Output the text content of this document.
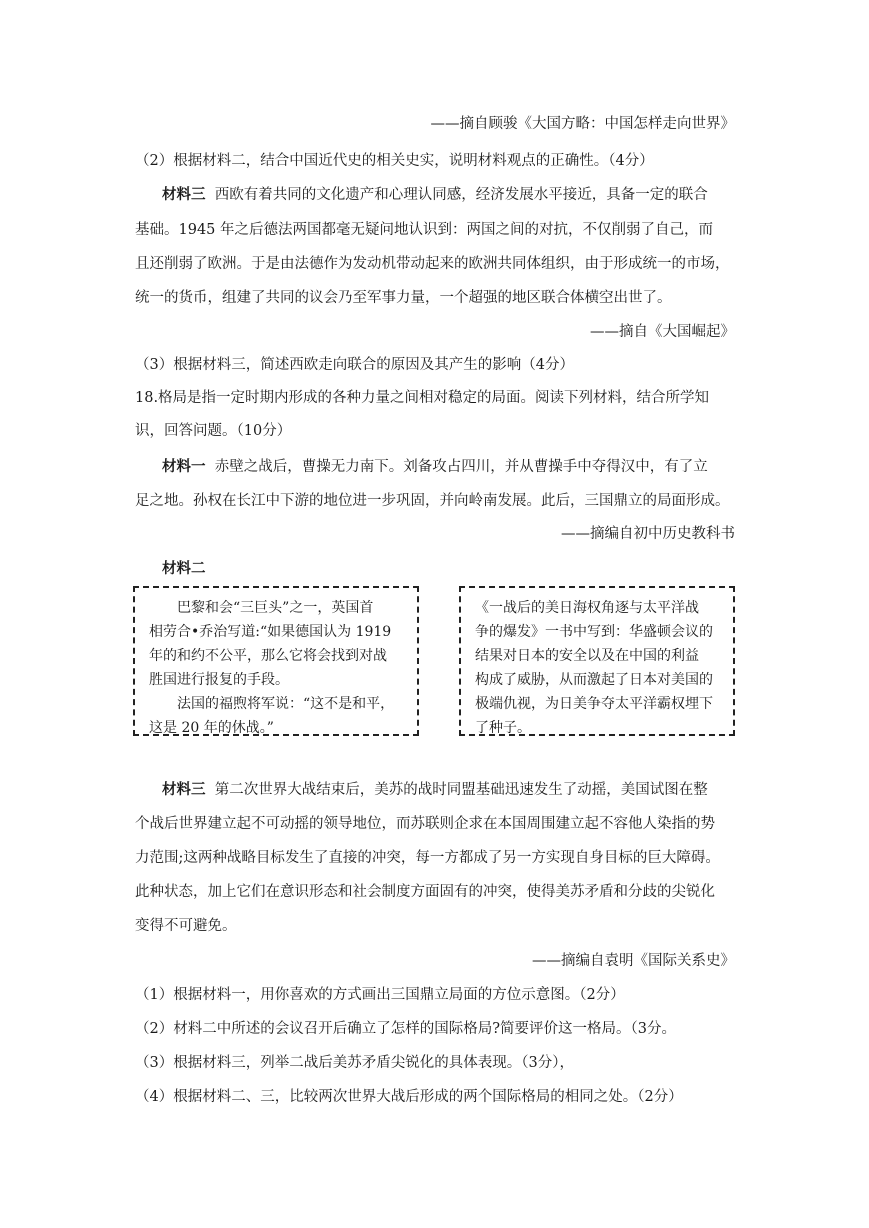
——摘自顾骏《大国方略：中国怎样走向世界》
（2）根据材料二，结合中国近代史的相关史实，说明材料观点的正确性。（4分）
材料三 西欧有着共同的文化遗产和心理认同感，经济发展水平接近，具备一定的联合
基础。1945 年之后德法两国都毫无疑问地认识到：两国之间的对抗，不仅削弱了自己，而
且还削弱了欧洲。于是由法德作为发动机带动起来的欧洲共同体组织，由于形成统一的市场，
统一的货币，组建了共同的议会乃至军事力量，一个超强的地区联合体横空出世了。
——摘自《大国崛起》
（3）根据材料三，简述西欧走向联合的原因及其产生的影响（4分）
18.格局是指一定时期内形成的各种力量之间相对稳定的局面。阅读下列材料，结合所学知
识，回答问题。（10分）
材料一 赤壁之战后，曹操无力南下。刘备攻占四川，并从曹操手中夺得汉中，有了立
足之地。孙权在长江中下游的地位进一步巩固，并向岭南发展。此后，三国鼎立的局面形成。
——摘编自初中历史教科书
材料二
巴黎和会“三巨头”之一，英国首
相劳合•乔治写道:“如果德国认为 1919
年的和约不公平，那么它将会找到对战
胜国进行报复的手段。
法国的福煦将军说：“这不是和平，
这是 20 年的休战。”
《一战后的美日海权角逐与太平洋战
争的爆发》一书中写到：华盛顿会议的
结果对日本的安全以及在中国的利益
构成了威胁，从而激起了日本对美国的
极端仇视，为日美争夺太平洋霸权埋下
了种子。
材料三 第二次世界大战结束后，美苏的战时同盟基础迅速发生了动摇，美国试图在整
个战后世界建立起不可动摇的领导地位，而苏联则企求在本国周围建立起不容他人染指的势
力范围;这两种战略目标发生了直接的冲突，每一方都成了另一方实现自身目标的巨大障碍。
此种状态，加上它们在意识形态和社会制度方面固有的冲突，使得美苏矛盾和分歧的尖锐化
变得不可避免。
——摘编自袁明《国际关系史》
（1）根据材料一，用你喜欢的方式画出三国鼎立局面的方位示意图。（2分）
（2）材料二中所述的会议召开后确立了怎样的国际格局?简要评价这一格局。（3分。
（3）根据材料三，列举二战后美苏矛盾尖锐化的具体表现。（3分），
（4）根据材料二、三，比较两次世界大战后形成的两个国际格局的相同之处。（2分）
